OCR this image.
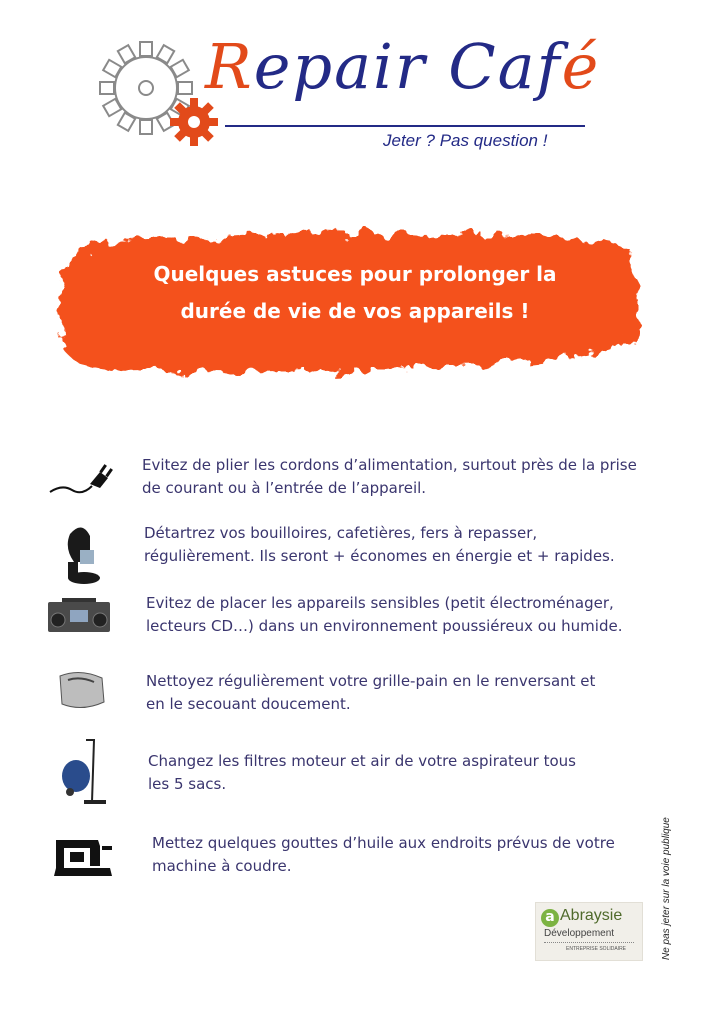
Repair Café
Jeter ? Pas question !
Quelques astuces pour prolonger la
durée de vie de vos appareils !
Evitez de plier les cordons d’alimentation, surtout près de la prise
de courant ou à l’entrée de l’appareil.
Détartrez vos bouilloires, cafetières, fers à repasser,
régulièrement. Ils seront + économes en énergie et + rapides.
Evitez de placer les appareils sensibles (petit électroménager,
lecteurs CD…) dans un environnement poussiéreux ou humide.
Nettoyez régulièrement votre grille-pain en le renversant et
en le secouant doucement.
Changez les filtres moteur et air de votre aspirateur tous
les 5 sacs.
Mettez quelques gouttes d’huile aux endroits prévus de votre
machine à coudre.
a Abraysie
Développement
ENTREPRISE SOLIDAIRE	Ne pas jeter sur la voie publique
